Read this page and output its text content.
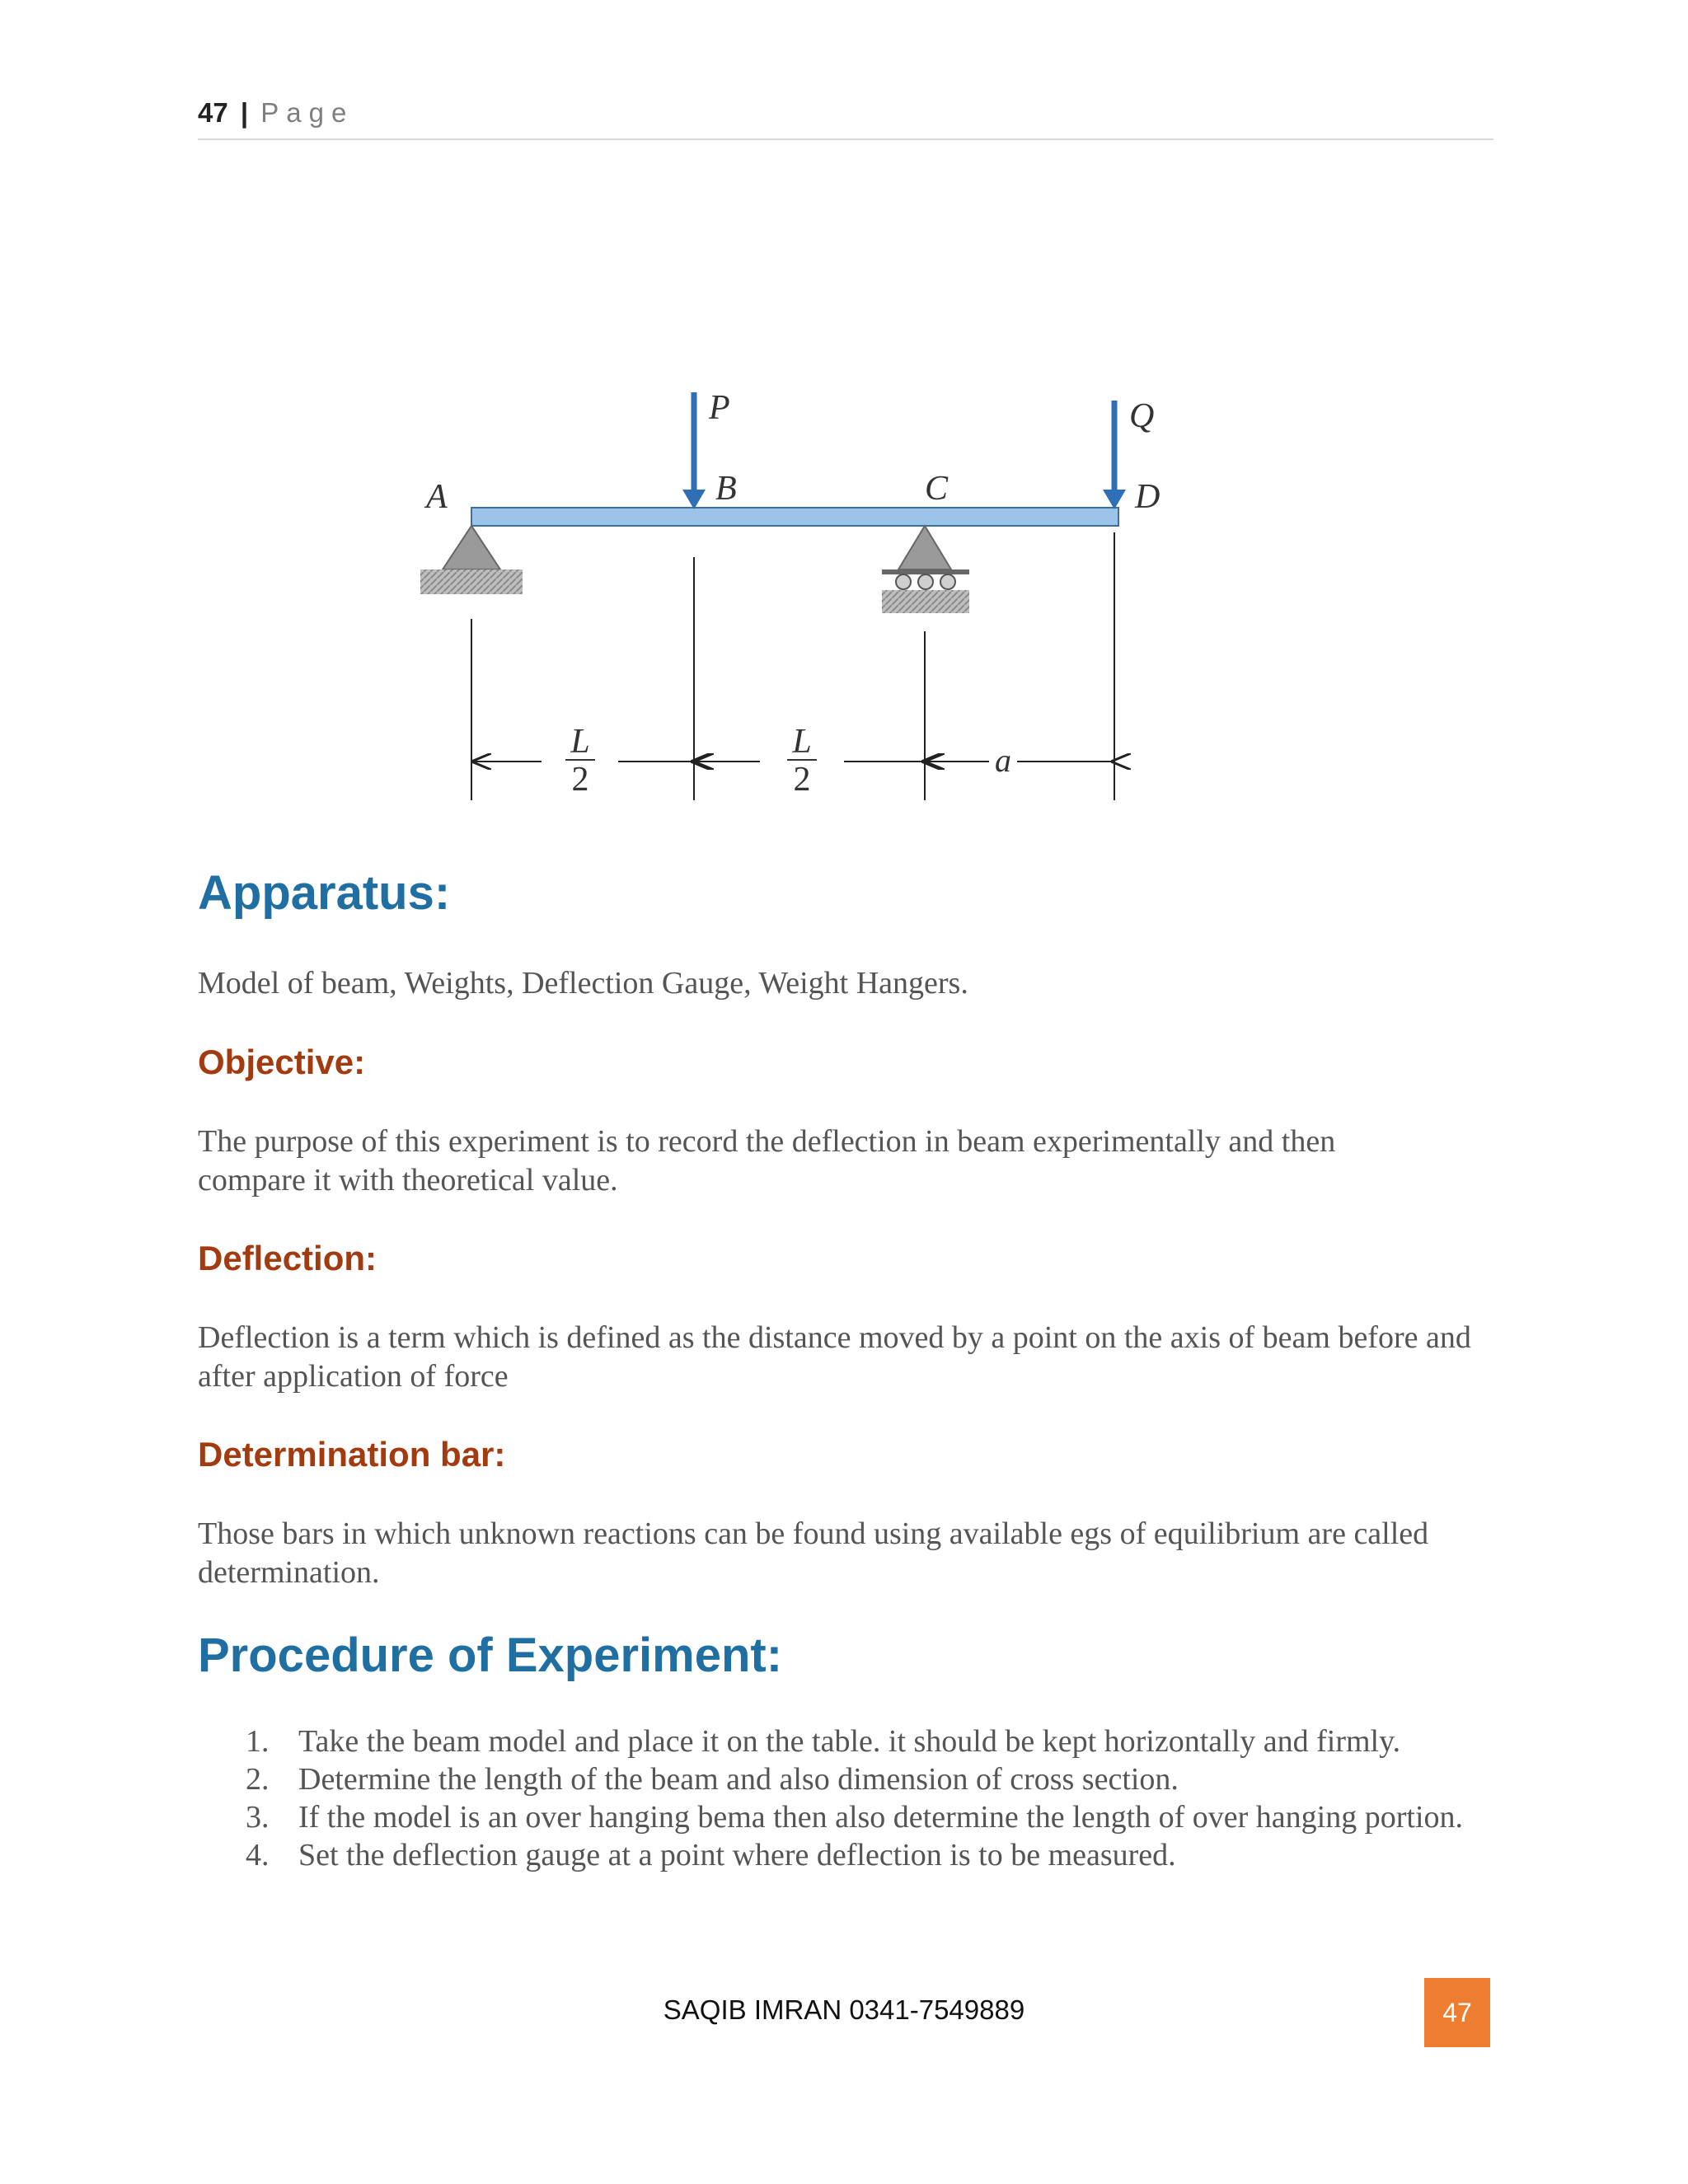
47 | Page
A	B	C	D
P	Q
L
2
L
2
a
Apparatus:

Model of beam, Weights, Deflection Gauge, Weight Hangers.

Objective:

The purpose of this experiment is to record the deflection in beam experimentally and then compare it with theoretical value.

Deflection:

Deflection is a term which is defined as the distance moved by a point on the axis of beam before and after application of force

Determination bar:

Those bars in which unknown reactions can be found using available egs of equilibrium are called determination.

Procedure of Experiment:
1. Take the beam model and place it on the table. it should be kept horizontally and firmly.
2. Determine the length of the beam and also dimension of cross section.
3. If the model is an over hanging bema then also determine the length of over hanging portion.
4. Set the deflection gauge at a point where deflection is to be measured.
SAQIB IMRAN 0341-7549889	47
